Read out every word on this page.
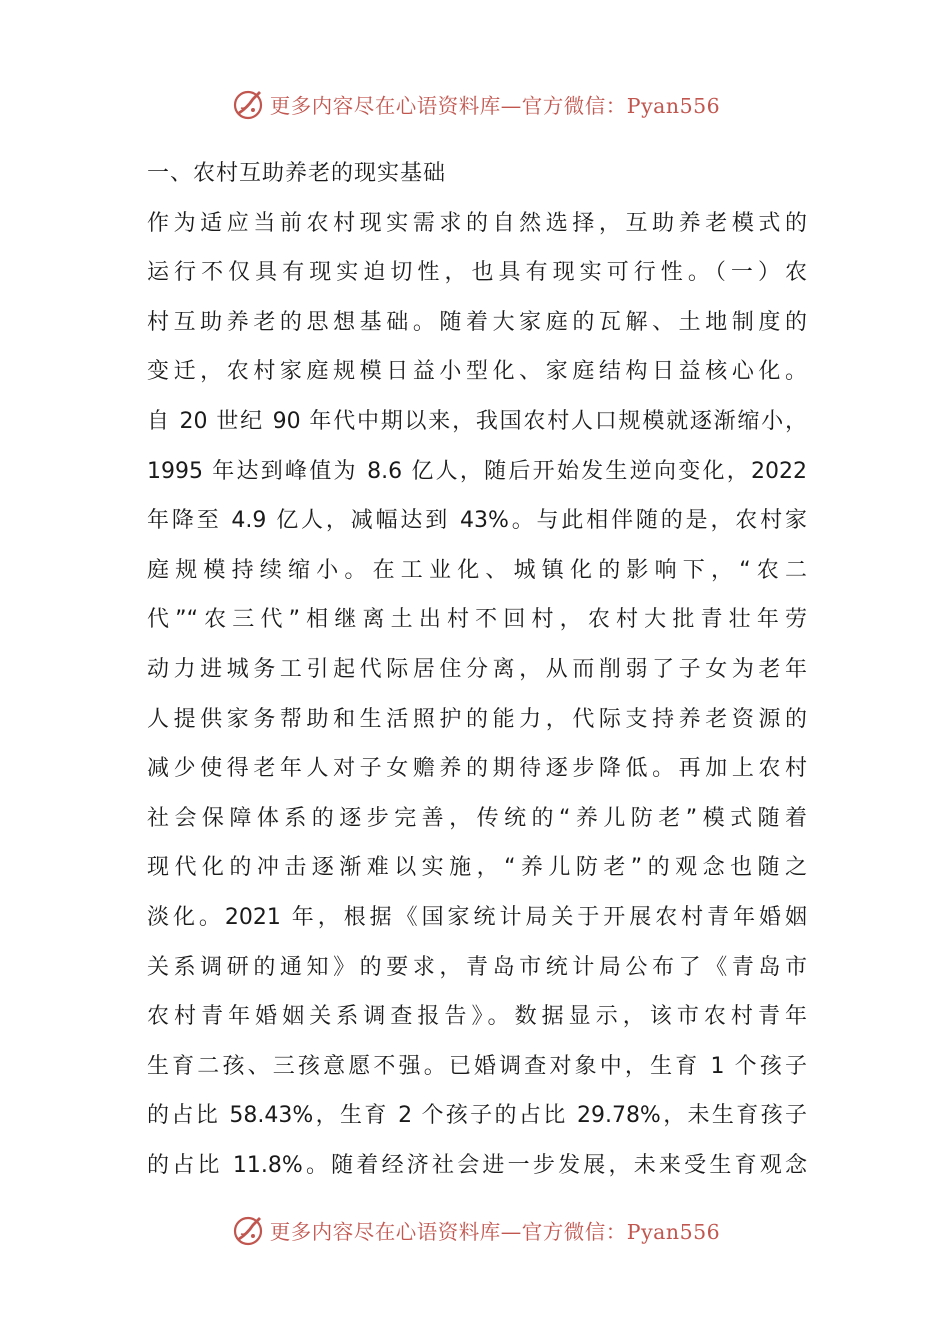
更多内容尽在心语资料库—官方微信：Pyan556
一、农村互助养老的现实基础

作为适应当前农村现实需求的自然选择，互助养老模式的

运行不仅具有现实迫切性，也具有现实可行性。（一）农

村互助养老的思想基础。随着大家庭的瓦解、土地制度的

变迁，农村家庭规模日益小型化、家庭结构日益核心化。

自 20 世纪 90 年代中期以来，我国农村人口规模就逐渐缩小，

1995 年达到峰值为 8.6 亿人，随后开始发生逆向变化，2022

年降至 4.9 亿人，减幅达到 43%。与此相伴随的是，农村家

庭规模持续缩小。在工业化、城镇化的影响下，“农二

代”“农三代”相继离土出村不回村，农村大批青壮年劳

动力进城务工引起代际居住分离，从而削弱了子女为老年

人提供家务帮助和生活照护的能力，代际支持养老资源的

减少使得老年人对子女赡养的期待逐步降低。再加上农村

社会保障体系的逐步完善，传统的“养儿防老”模式随着

现代化的冲击逐渐难以实施，“养儿防老”的观念也随之

淡化。2021 年，根据《国家统计局关于开展农村青年婚姻

关系调研的通知》的要求，青岛市统计局公布了《青岛市

农村青年婚姻关系调查报告》。数据显示，该市农村青年

生育二孩、三孩意愿不强。已婚调查对象中，生育 1 个孩子

的占比 58.43%，生育 2 个孩子的占比 29.78%，未生育孩子

的占比 11.8%。随着经济社会进一步发展，未来受生育观念

更多内容尽在心语资料库—官方微信：Pyan556
